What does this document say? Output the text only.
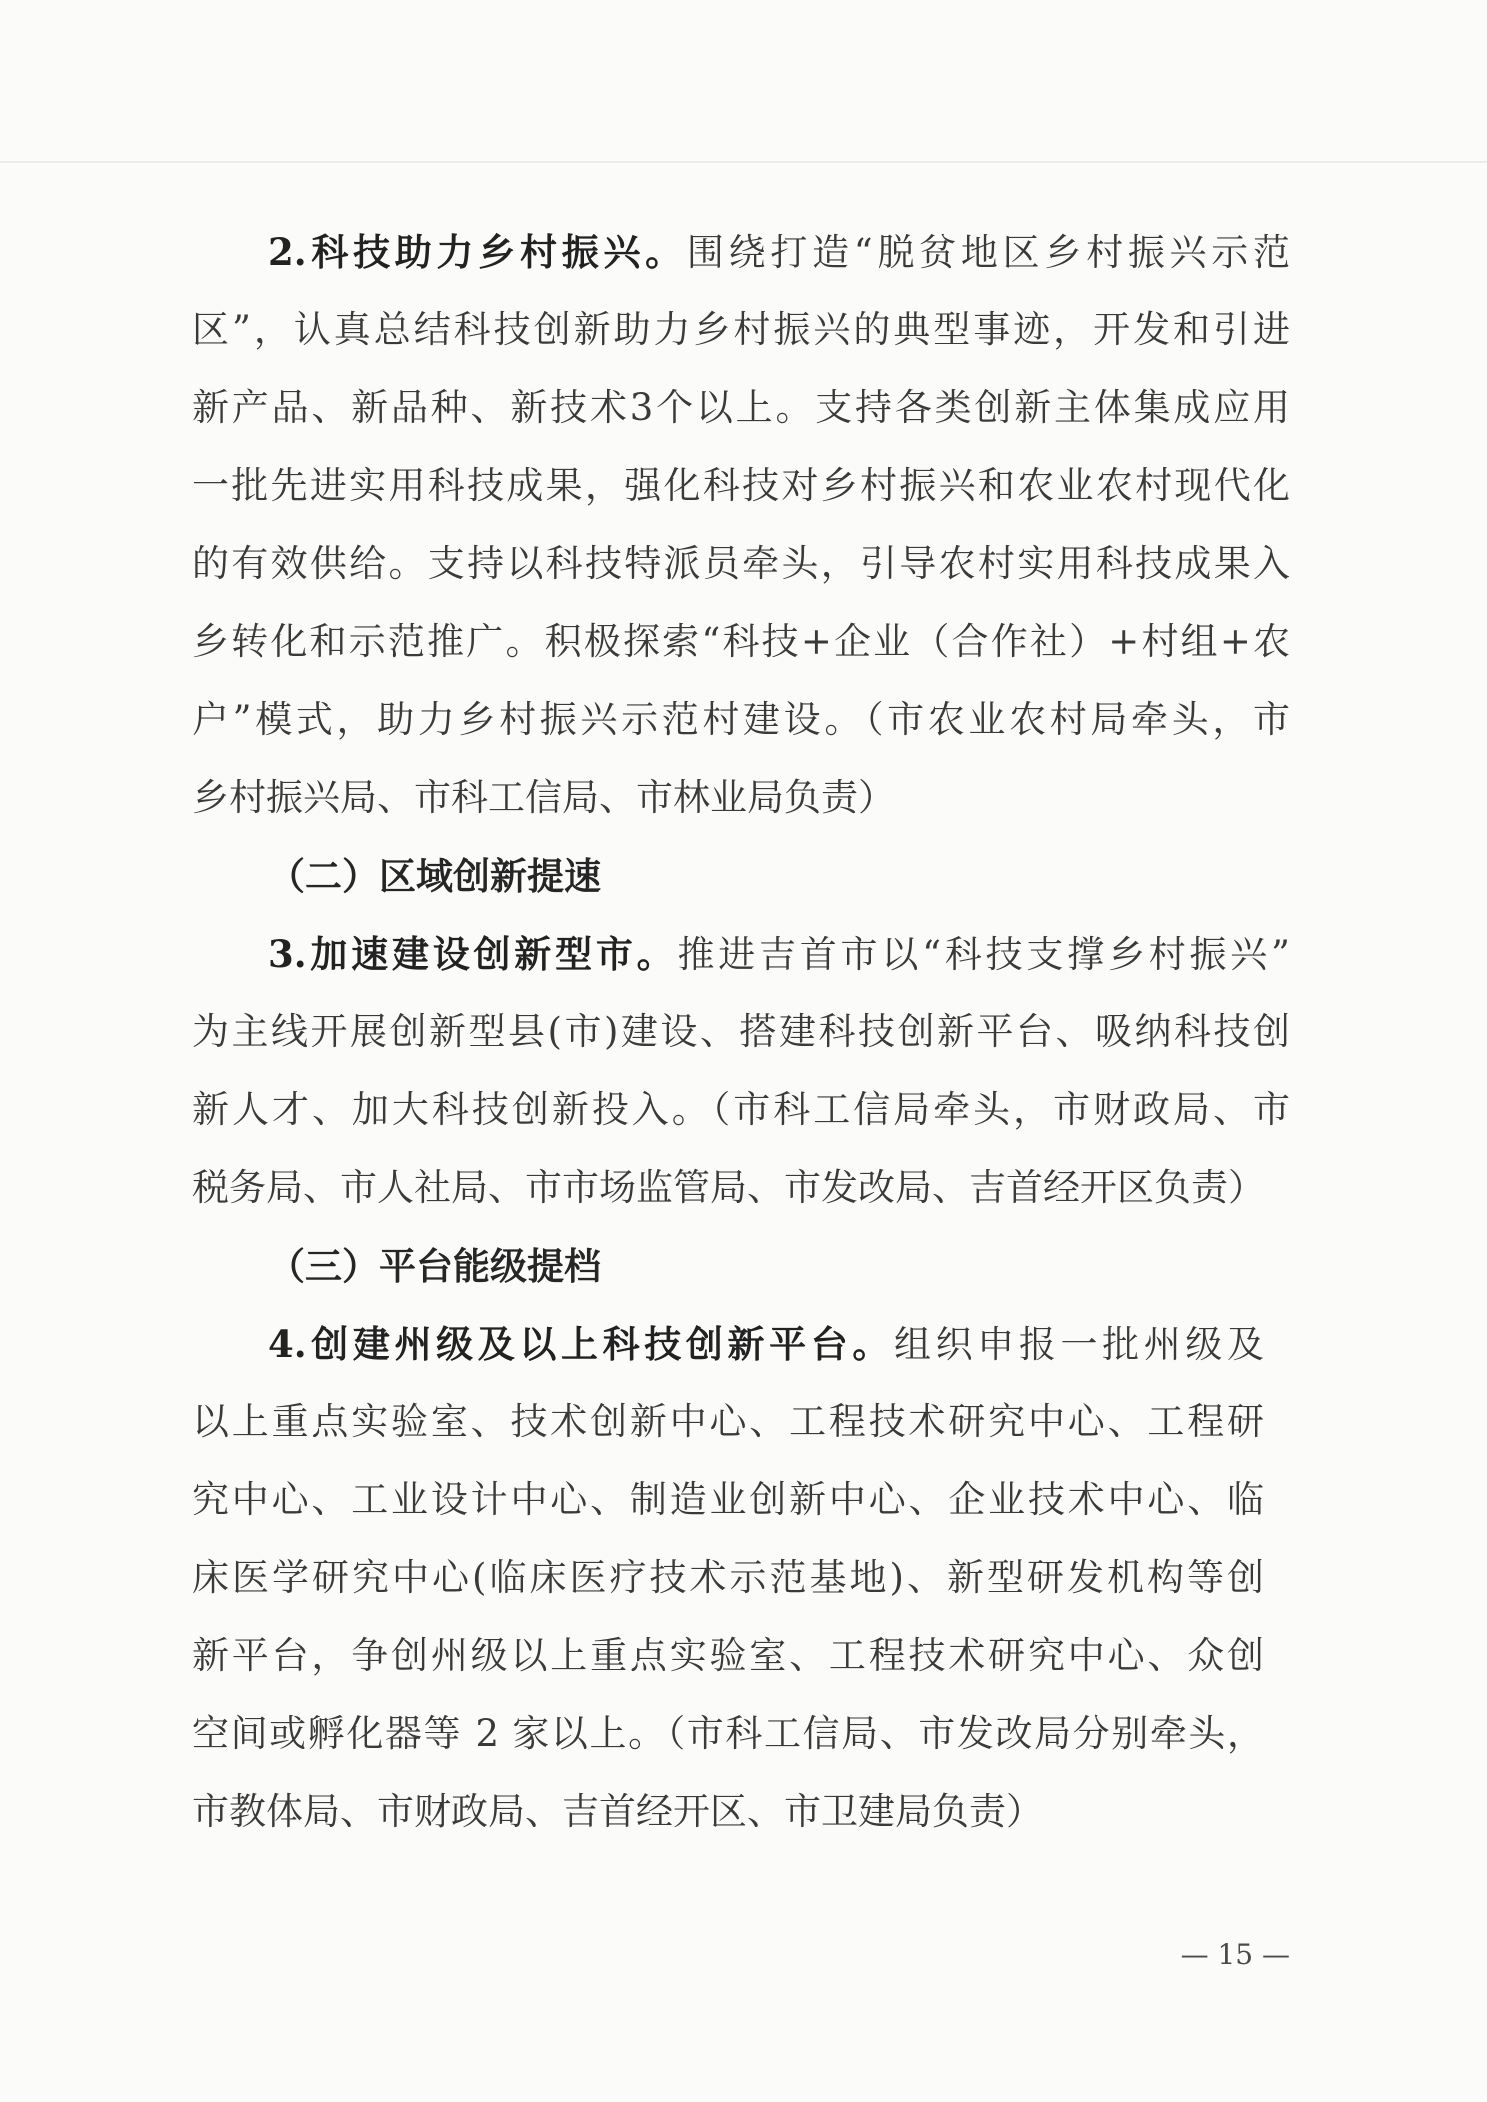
2.科技助力乡村振兴。围绕打造“脱贫地区乡村振兴示范
区”，认真总结科技创新助力乡村振兴的典型事迹，开发和引进
新产品、新品种、新技术3个以上。支持各类创新主体集成应用
一批先进实用科技成果，强化科技对乡村振兴和农业农村现代化
的有效供给。支持以科技特派员牵头，引导农村实用科技成果入
乡转化和示范推广。积极探索“科技+企业（合作社）+村组+农
户”模式，助力乡村振兴示范村建设。（市农业农村局牵头，市
乡村振兴局、市科工信局、市林业局负责）
（二）区域创新提速
3.加速建设创新型市。推进吉首市以“科技支撑乡村振兴”
为主线开展创新型县(市)建设、搭建科技创新平台、吸纳科技创
新人才、加大科技创新投入。（市科工信局牵头，市财政局、市
税务局、市人社局、市市场监管局、市发改局、吉首经开区负责）
（三）平台能级提档
4.创建州级及以上科技创新平台。组织申报一批州级及
以上重点实验室、技术创新中心、工程技术研究中心、工程研
究中心、工业设计中心、制造业创新中心、企业技术中心、临
床医学研究中心(临床医疗技术示范基地)、新型研发机构等创
新平台，争创州级以上重点实验室、工程技术研究中心、众创
空间或孵化器等 2 家以上。（市科工信局、市发改局分别牵头，
市教体局、市财政局、吉首经开区、市卫建局负责）
— 15 —
